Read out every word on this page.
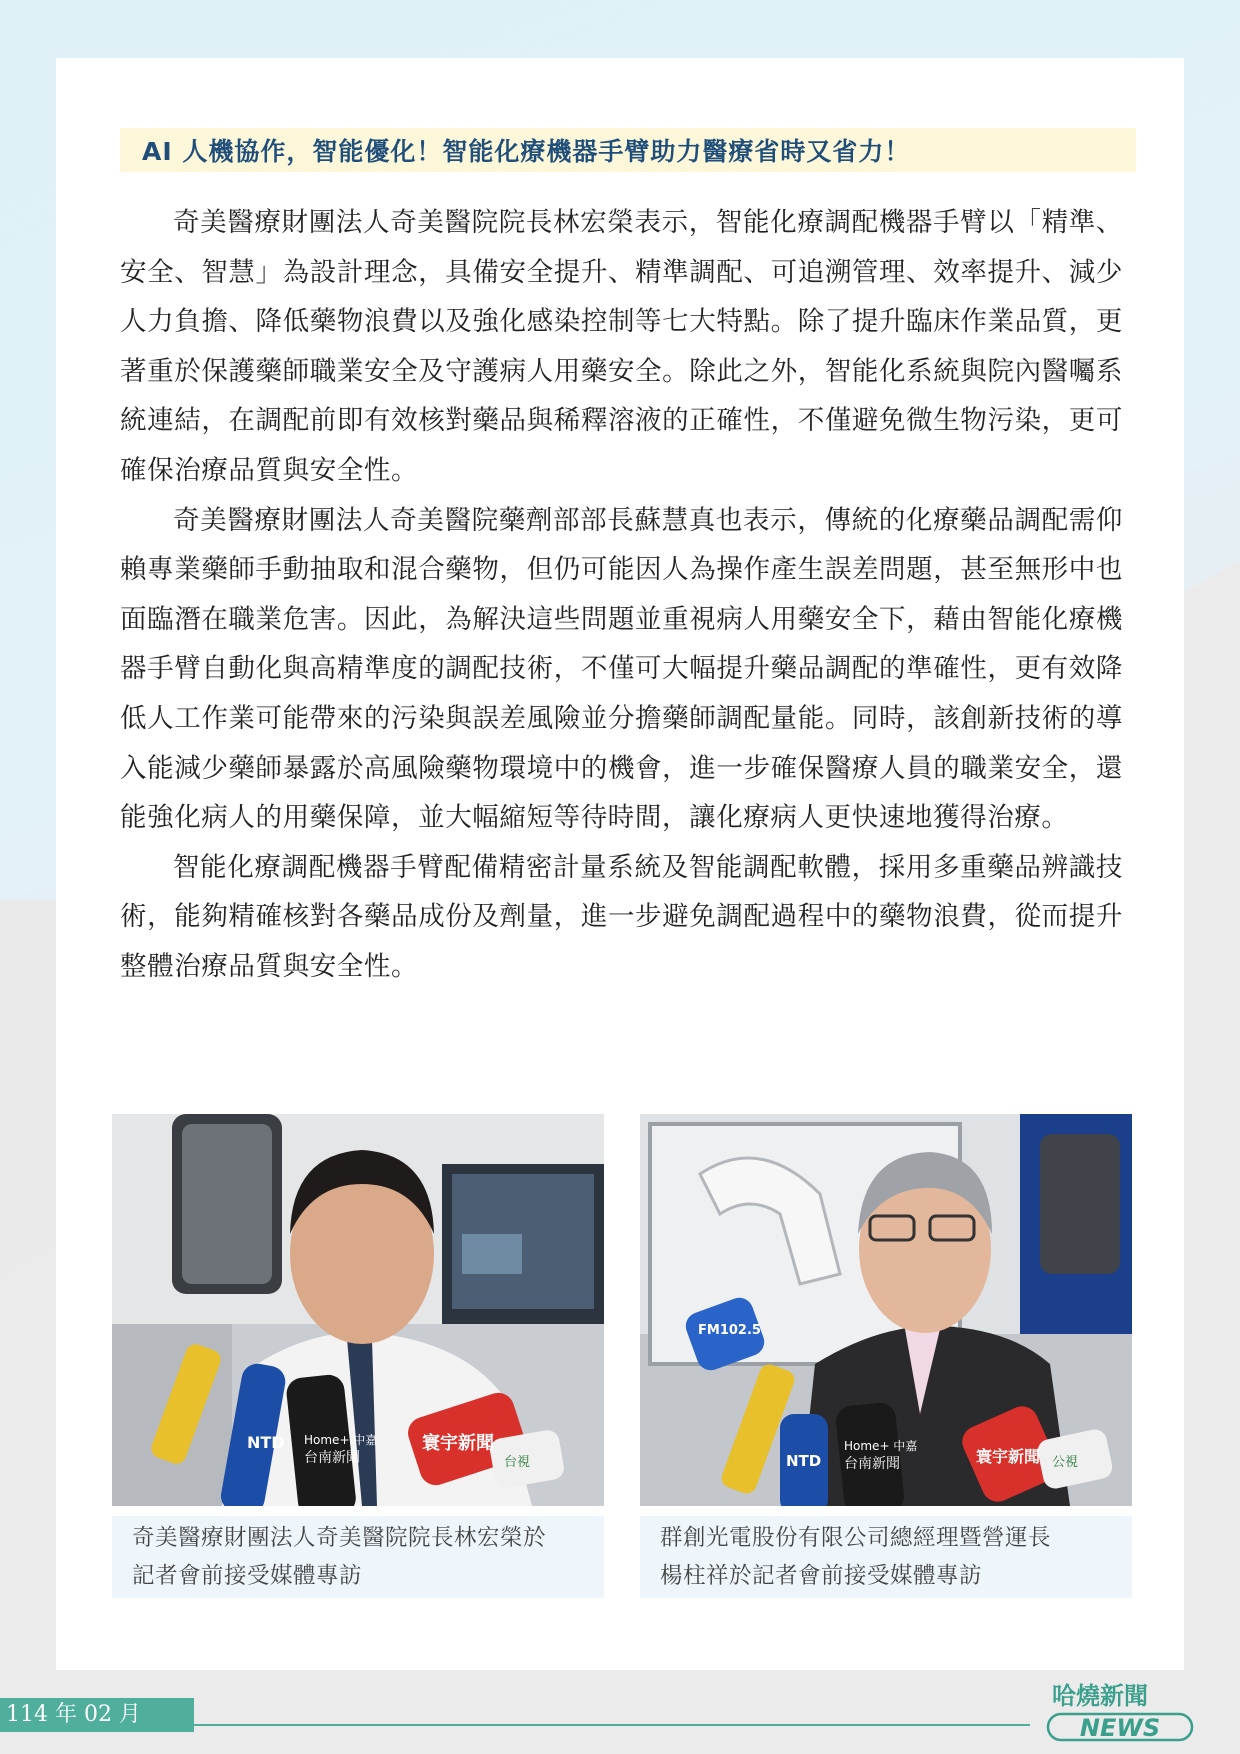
AI 人機協作，智能優化！智能化療機器手臂助力醫療省時又省力！

奇美醫療財團法人奇美醫院院長林宏榮表示，智能化療調配機器手臂以「精準、安全、智慧」為設計理念，具備安全提升、精準調配、可追溯管理、效率提升、減少人力負擔、降低藥物浪費以及強化感染控制等七大特點。除了提升臨床作業品質，更著重於保護藥師職業安全及守護病人用藥安全。除此之外，智能化系統與院內醫囑系統連結，在調配前即有效核對藥品與稀釋溶液的正確性，不僅避免微生物污染，更可確保治療品質與安全性。

奇美醫療財團法人奇美醫院藥劑部部長蘇慧真也表示，傳統的化療藥品調配需仰賴專業藥師手動抽取和混合藥物，但仍可能因人為操作產生誤差問題，甚至無形中也面臨潛在職業危害。因此，為解決這些問題並重視病人用藥安全下，藉由智能化療機器手臂自動化與高精準度的調配技術，不僅可大幅提升藥品調配的準確性，更有效降低人工作業可能帶來的污染與誤差風險並分擔藥師調配量能。同時，該創新技術的導入能減少藥師暴露於高風險藥物環境中的機會，進一步確保醫療人員的職業安全，還能強化病人的用藥保障，並大幅縮短等待時間，讓化療病人更快速地獲得治療。

智能化療調配機器手臂配備精密計量系統及智能調配軟體，採用多重藥品辨識技術，能夠精確核對各藥品成份及劑量，進一步避免調配過程中的藥物浪費，從而提升整體治療品質與安全性。

NTD Home+ 中嘉
台南新聞
寰宇新聞
台視
奇美醫療財團法人奇美醫院院長林宏榮於
記者會前接受媒體專訪
FM102.5
NTD
Home+ 中嘉
台南新聞	寰宇新聞 公視
群創光電股份有限公司總經理暨營運長
楊柱祥於記者會前接受媒體專訪
114 年 02 月
哈燒新聞
NEWS
